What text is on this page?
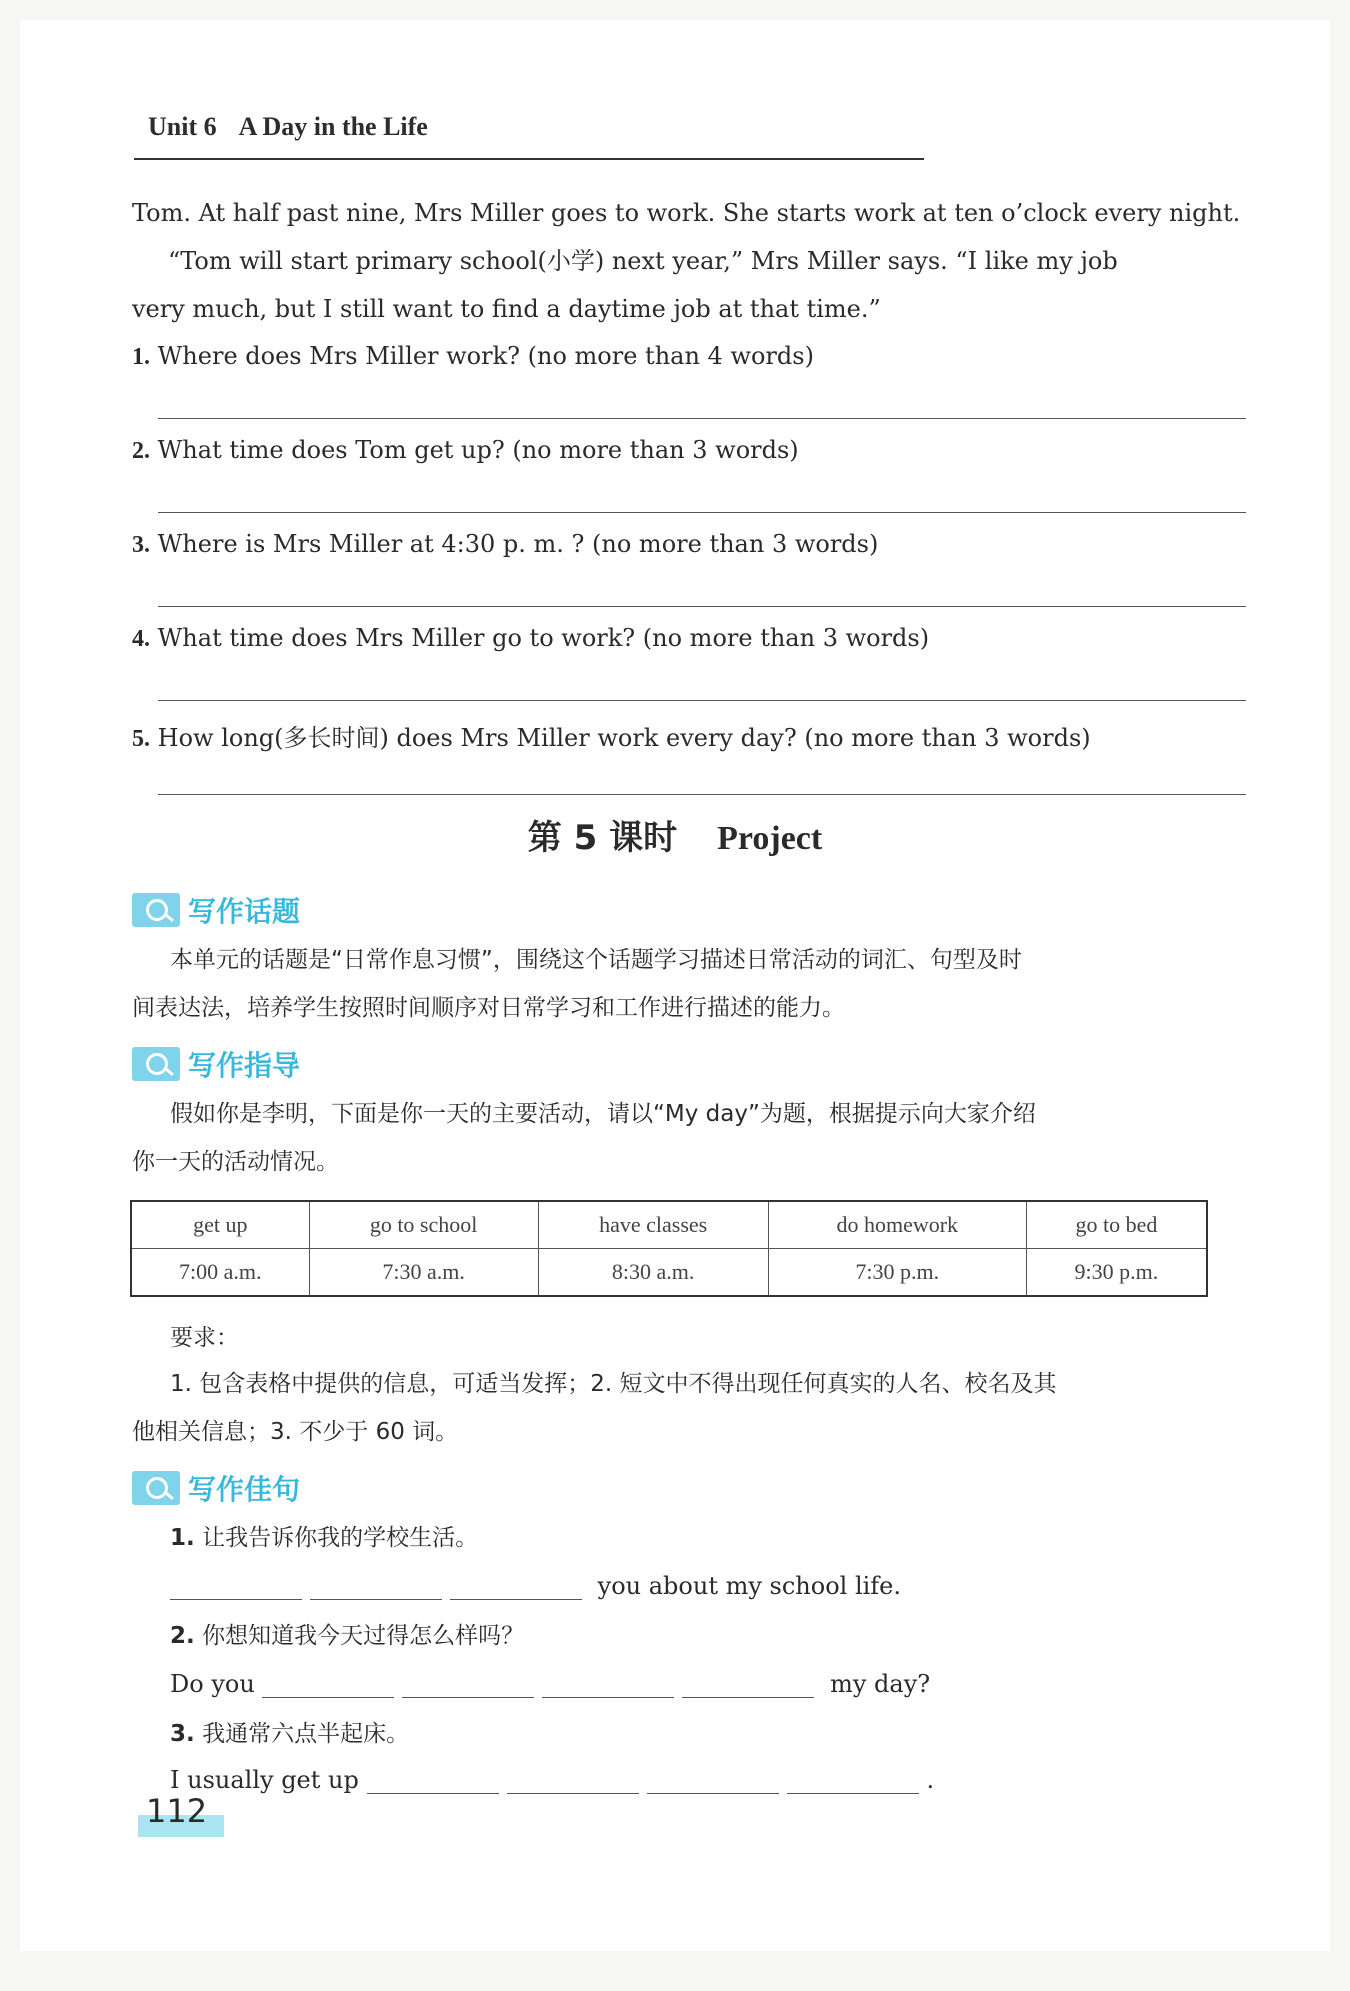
Unit 6 A Day in the Life
Tom. At half past nine, Mrs Miller goes to work. She starts work at ten o’clock every night.
“Tom will start primary school(小学) next year,” Mrs Miller says. “I like my job
very much, but I still want to find a daytime job at that time.”
1. Where does Mrs Miller work? (no more than 4 words)
2. What time does Tom get up? (no more than 3 words)
3. Where is Mrs Miller at 4:30 p. m. ? (no more than 3 words)
4. What time does Mrs Miller go to work? (no more than 3 words)
5. How long(多长时间) does Mrs Miller work every day? (no more than 3 words)
第 5 课时 Project
写作话题
本单元的话题是“日常作息习惯”，围绕这个话题学习描述日常活动的词汇、句型及时
间表达法，培养学生按照时间顺序对日常学习和工作进行描述的能力。
写作指导
假如你是李明，下面是你一天的主要活动，请以“My day”为题，根据提示向大家介绍
你一天的活动情况。
get up	go to school	have classes	do homework	go to bed
7:00 a.m.	7:30 a.m.	8:30 a.m.	7:30 p.m.	9:30 p.m.
要求：
1. 包含表格中提供的信息，可适当发挥；2. 短文中不得出现任何真实的人名、校名及其
他相关信息；3. 不少于 60 词。
写作佳句
1. 让我告诉你我的学校生活。
you about my school life.
2. 你想知道我今天过得怎么样吗？
Do you	my day?
3. 我通常六点半起床。
I usually get up	.
112
